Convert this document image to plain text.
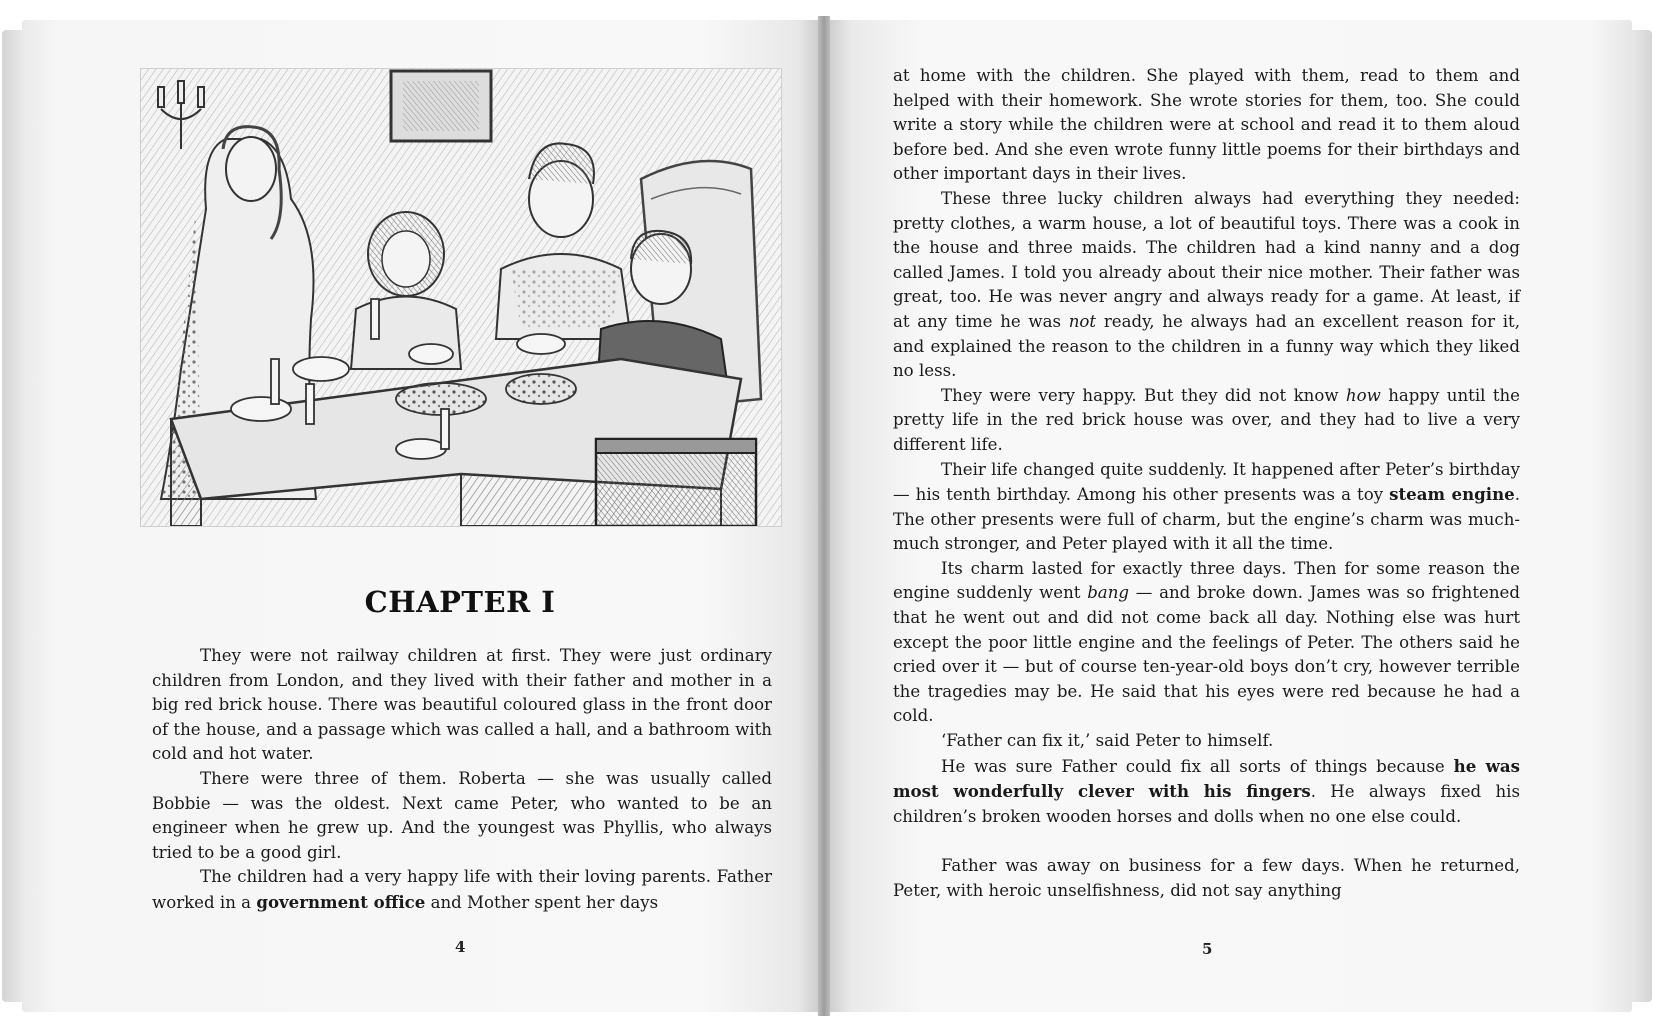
CHAPTER I

They were not railway children at first. They were just ordinary children from London, and they lived with their father and mother in a big red brick house. There was beautiful coloured glass in the front door of the house, and a passage which was called a hall, and a bathroom with cold and hot water.

There were three of them. Roberta — she was usually called Bobbie — was the oldest. Next came Peter, who wanted to be an engineer when he grew up. And the youngest was Phyllis, who always tried to be a good girl.

The children had a very happy life with their loving parents. Father worked in a government office and Mother spent her days

4

at home with the children. She played with them, read to them and helped with their homework. She wrote stories for them, too. She could write a story while the children were at school and read it to them aloud before bed. And she even wrote funny little poems for their birthdays and other important days in their lives.

These three lucky children always had everything they needed: pretty clothes, a warm house, a lot of beautiful toys. There was a cook in the house and three maids. The children had a kind nanny and a dog called James. I told you already about their nice mother. Their father was great, too. He was never angry and always ready for a game. At least, if at any time he was not ready, he always had an excellent reason for it, and explained the reason to the children in a funny way which they liked no less.

They were very happy. But they did not know how happy until the pretty life in the red brick house was over, and they had to live a very different life.

Their life changed quite suddenly. It happened after Peter’s birthday — his tenth birthday. Among his other presents was a toy steam engine. The other presents were full of charm, but the engine’s charm was much-much stronger, and Peter played with it all the time.

Its charm lasted for exactly three days. Then for some reason the engine suddenly went bang — and broke down. James was so frightened that he went out and did not come back all day. Nothing else was hurt except the poor little engine and the feelings of Peter. The others said he cried over it — but of course ten-year-old boys don’t cry, however terrible the tragedies may be. He said that his eyes were red because he had a cold.

‘Father can fix it,’ said Peter to himself.

He was sure Father could fix all sorts of things because he was most wonderfully clever with his fingers. He always fixed his children’s broken wooden horses and dolls when no one else could.

Father was away on business for a few days. When he returned, Peter, with heroic unselfishness, did not say anything

5
